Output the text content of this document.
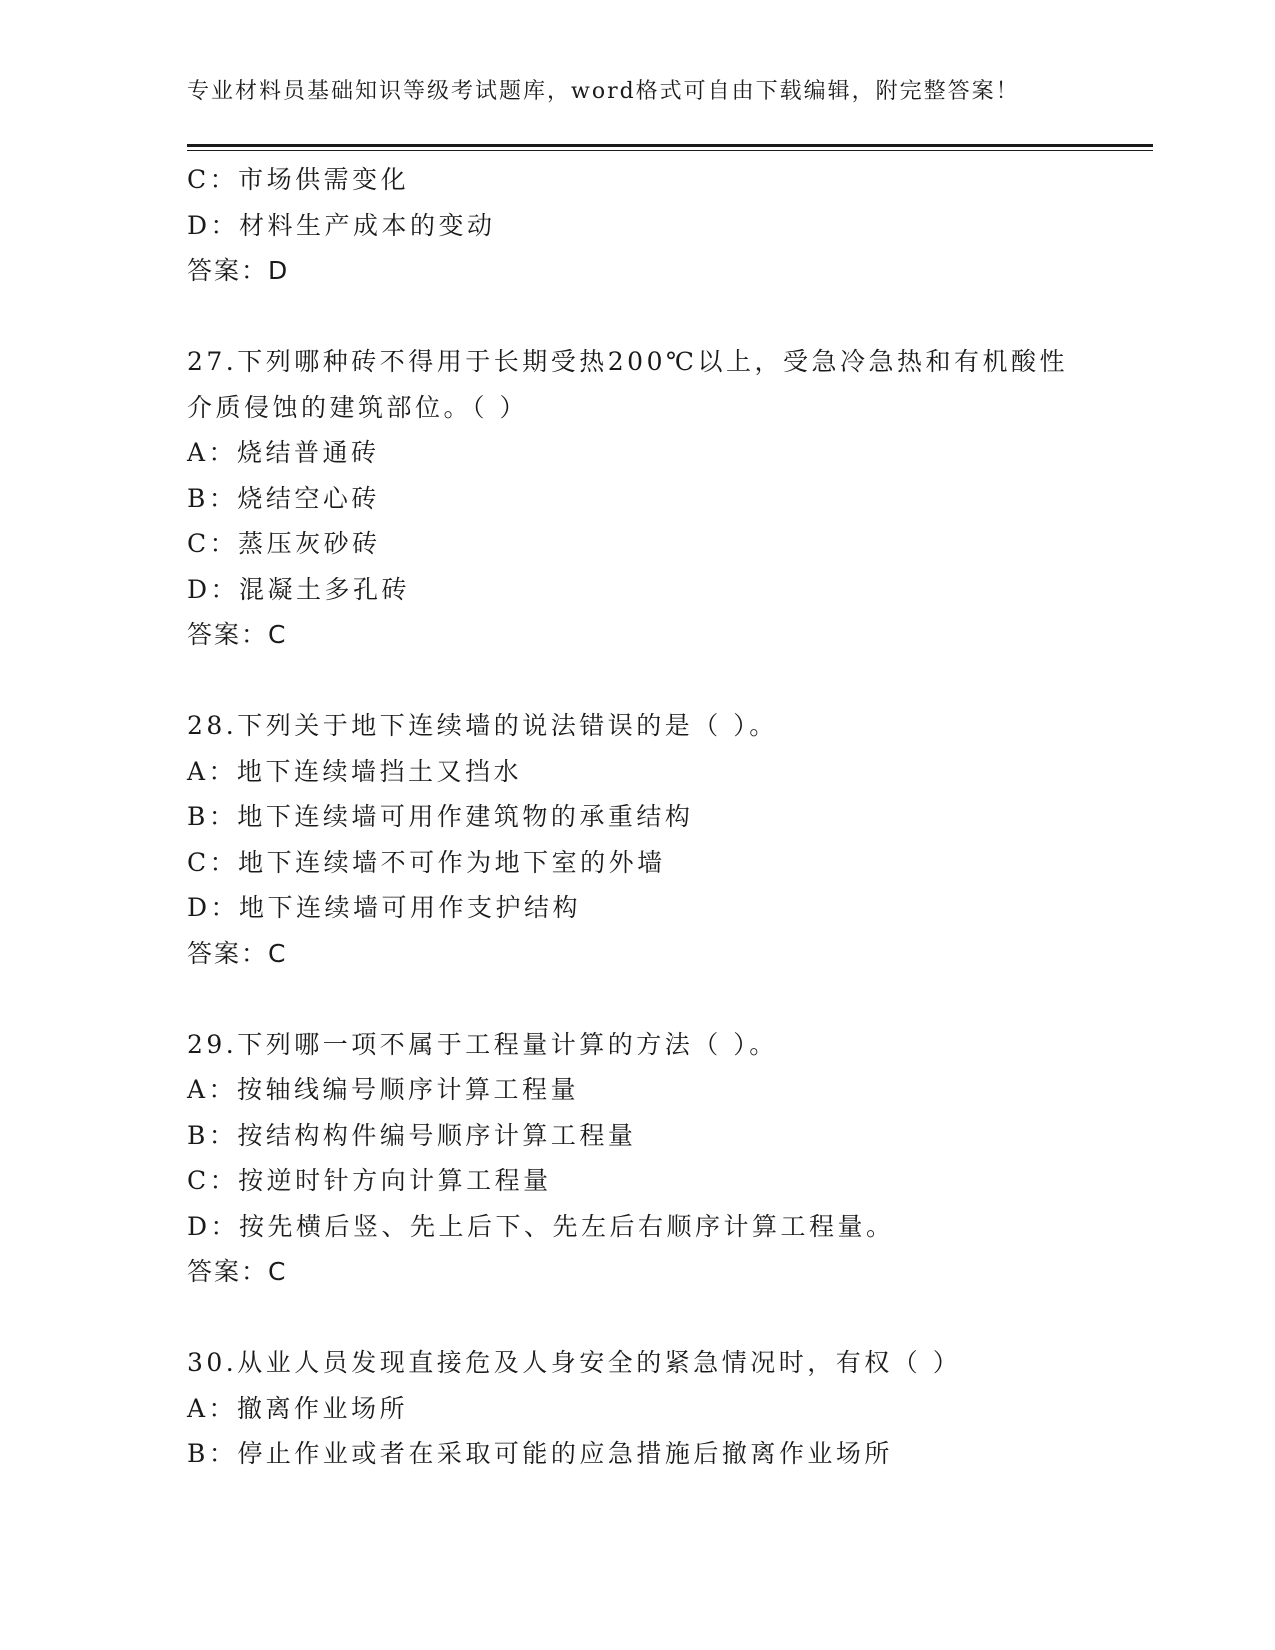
专业材料员基础知识等级考试题库，word格式可自由下载编辑，附完整答案！
C：市场供需变化
D：材料生产成本的变动
答案：D
27.下列哪种砖不得用于长期受热200℃以上，受急冷急热和有机酸性
介质侵蚀的建筑部位。（ ）
A：烧结普通砖
B：烧结空心砖
C：蒸压灰砂砖
D：混凝土多孔砖
答案：C
28.下列关于地下连续墙的说法错误的是（ ）。
A：地下连续墙挡土又挡水
B：地下连续墙可用作建筑物的承重结构
C：地下连续墙不可作为地下室的外墙
D：地下连续墙可用作支护结构
答案：C
29.下列哪一项不属于工程量计算的方法（ ）。
A：按轴线编号顺序计算工程量
B：按结构构件编号顺序计算工程量
C：按逆时针方向计算工程量
D：按先横后竖、先上后下、先左后右顺序计算工程量。
答案：C
30.从业人员发现直接危及人身安全的紧急情况时，有权（ ）
A：撤离作业场所
B：停止作业或者在采取可能的应急措施后撤离作业场所
